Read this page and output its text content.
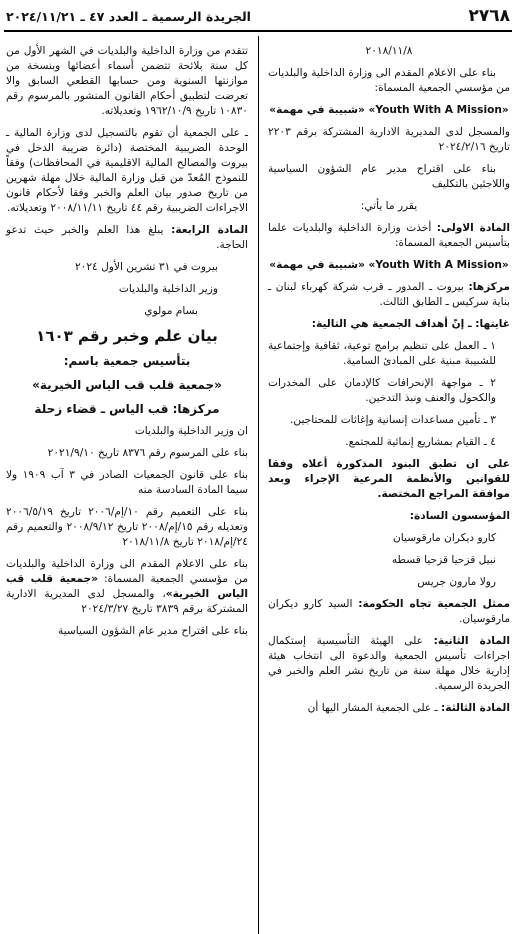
٢٧٦٨
الجريدة الرسمية ـ العدد ٤٧ ـ ٢٠٢٤/١١/٢١

٢٠١٨/١١/٨

بناء على الاعلام المقدم الى وزارة الداخلية والبلديات من مؤسسي الجمعية المسماة:

«شبيبة في مهمة» «Youth With A Mission»

والمسجل لدى المديرية الادارية المشتركة برقم ٢٢٠٣ تاريخ ٢٠٢٤/٢/١٦

بناء على اقتراح مدير عام الشؤون السياسية واللاجئين بالتكليف

يقرر ما يأتي:

المادة الاولى: أخذت وزارة الداخلية والبلديات علما بتأسيس الجمعية المسماة:

«شبيبة في مهمة» «Youth With A Mission»

مركزها: بيروت ـ المدور ـ قرب شركة كهرباء لبنان ـ بناية سركيس ـ الطابق الثالث.

غايتها: ـ إنّ أهداف الجمعية هي التالية:

١ ـ العمل على تنظيم برامج توعية، ثقافية وإجتماعية للشبيبة مبنية على المبادئ السامية.

٢ ـ مواجهة الإنحرافات كالإدمان على المخدرات والكحول والعنف ونبذ التدخين.

٣ ـ تأمين مساعدات إنسانية وإغاثات للمحتاجين.

٤ ـ القيام بمشاريع إنمائية للمجتمع.

على ان تطبق البنود المذكورة أعلاه وفقا للقوانين والأنظمة المرعية الإجراء وبعد موافقة المراجع المختصة.

المؤسسون السادة:

كارو ديكران مارقوسيان

نبيل قزحيا قزحيا قسطه

رولا مارون جريس

ممثل الجمعية تجاه الحكومة: السيد كارو ديكران مارقوسيان.

المادة الثانية: على الهيئة التأسيسية إستكمال اجراءات تأسيس الجمعية والدعوة الى انتخاب هيئة إدارية خلال مهلة سنة من تاريخ نشر العلم والخبر في الجريدة الرسمية.

المادة الثالثة: ـ على الجمعية المشار اليها أن

تتقدم من وزارة الداخلية والبلديات في الشهر الأول من كل سنة بلائحة تتضمن أسماء أعضائها وبنسخة من موازنتها السنوية ومن حسابها القطعي السابق والا تعرضت لتطبيق أحكام القانون المنشور بالمرسوم رقم ١٠٨٣٠ تاريخ ١٩٦٢/١٠/٩ وتعديلاته.

ـ على الجمعية أن تقوم بالتسجيل لدى وزارة المالية ـ الوحدة الضريبية المختصة (دائرة ضريبة الدخل في بيروت والمصالح المالية الاقليمية في المحافظات) وفقاً للنموذج المُعدّ من قبل وزارة المالية خلال مهلة شهرين من تاريخ صدور بيان العلم والخبر وفقا لأحكام قانون الاجراءات الضريبية رقم ٤٤ تاريخ ٢٠٠٨/١١/١١ وتعديلاته.

المادة الرابعة: يبلغ هذا العلم والخبر حيث تدعو الحاجة.

بيروت في ٣١ تشرين الأول ٢٠٢٤

وزير الداخلية والبلديات

بسام مولوي

بيان علم وخبر رقم ١٦٠٣
بتأسيس جمعية باسم:
«جمعية قلب قب الياس الخيرية»
مركزها: قب الياس ـ قضاء زحلة

ان وزير الداخلية والبلديات

بناء على المرسوم رقم ٨٣٧٦ تاريخ ٢٠٢١/٩/١٠

بناء على قانون الجمعيات الصادر في ٣ آب ١٩٠٩ ولا سيما المادة السادسة منه

بناء على التعميم رقم ١٠/إم/٢٠٠٦ تاريخ ٢٠٠٦/٥/١٩ وتعديله رقم ١٥/إم/٢٠٠٨ تاريخ ٢٠٠٨/٩/١٢ والتعميم رقم ٢٤/إم/٢٠١٨ تاريخ ٢٠١٨/١١/٨

بناء على الاعلام المقدم الى وزارة الداخلية والبلديات من مؤسسي الجمعية المسماة: «جمعية قلب قب الياس الخيرية»، والمسجل لدى المديرية الادارية المشتركة برقم ٣٨٣٩ تاريخ ٢٠٢٤/٣/٢٧

بناء على اقتراح مدير عام الشؤون السياسية
